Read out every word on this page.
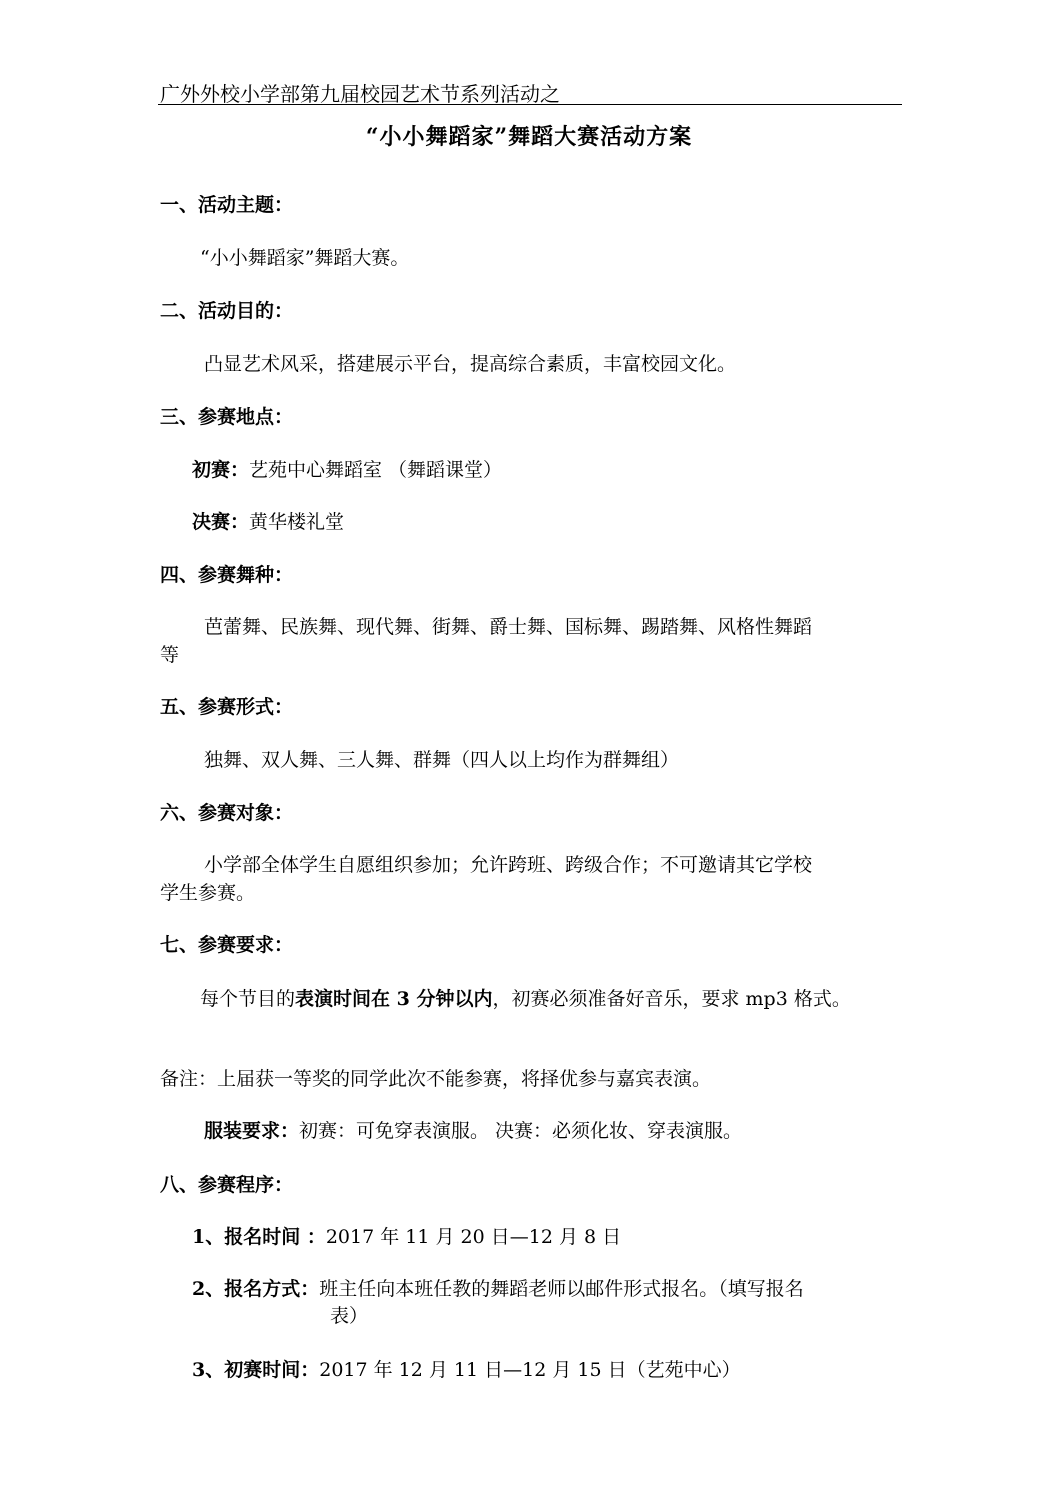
广外外校小学部第九届校园艺术节系列活动之
“小小舞蹈家”舞蹈大赛活动方案
一、活动主题：
“小小舞蹈家”舞蹈大赛。
二、活动目的：
凸显艺术风采，搭建展示平台，提高综合素质，丰富校园文化。
三、参赛地点：
初赛：艺苑中心舞蹈室 （舞蹈课堂）
决赛：黄华楼礼堂
四、参赛舞种：
芭蕾舞、民族舞、现代舞、街舞、爵士舞、国标舞、踢踏舞、风格性舞蹈
等
五、参赛形式：
独舞、双人舞、三人舞、群舞（四人以上均作为群舞组）
六、参赛对象：
小学部全体学生自愿组织参加；允许跨班、跨级合作；不可邀请其它学校
学生参赛。
七、参赛要求：
每个节目的表演时间在 3 分钟以内，初赛必须准备好音乐，要求 mp3 格式。
备注：上届获一等奖的同学此次不能参赛，将择优参与嘉宾表演。
服装要求：初赛：可免穿表演服。 决赛：必须化妆、穿表演服。
八、参赛程序：
1、报名时间 ：2017 年 11 月 20 日—12 月 8 日
2、报名方式：班主任向本班任教的舞蹈老师以邮件形式报名。（填写报名
表）
3、初赛时间：2017 年 12 月 11 日—12 月 15 日（艺苑中心）
